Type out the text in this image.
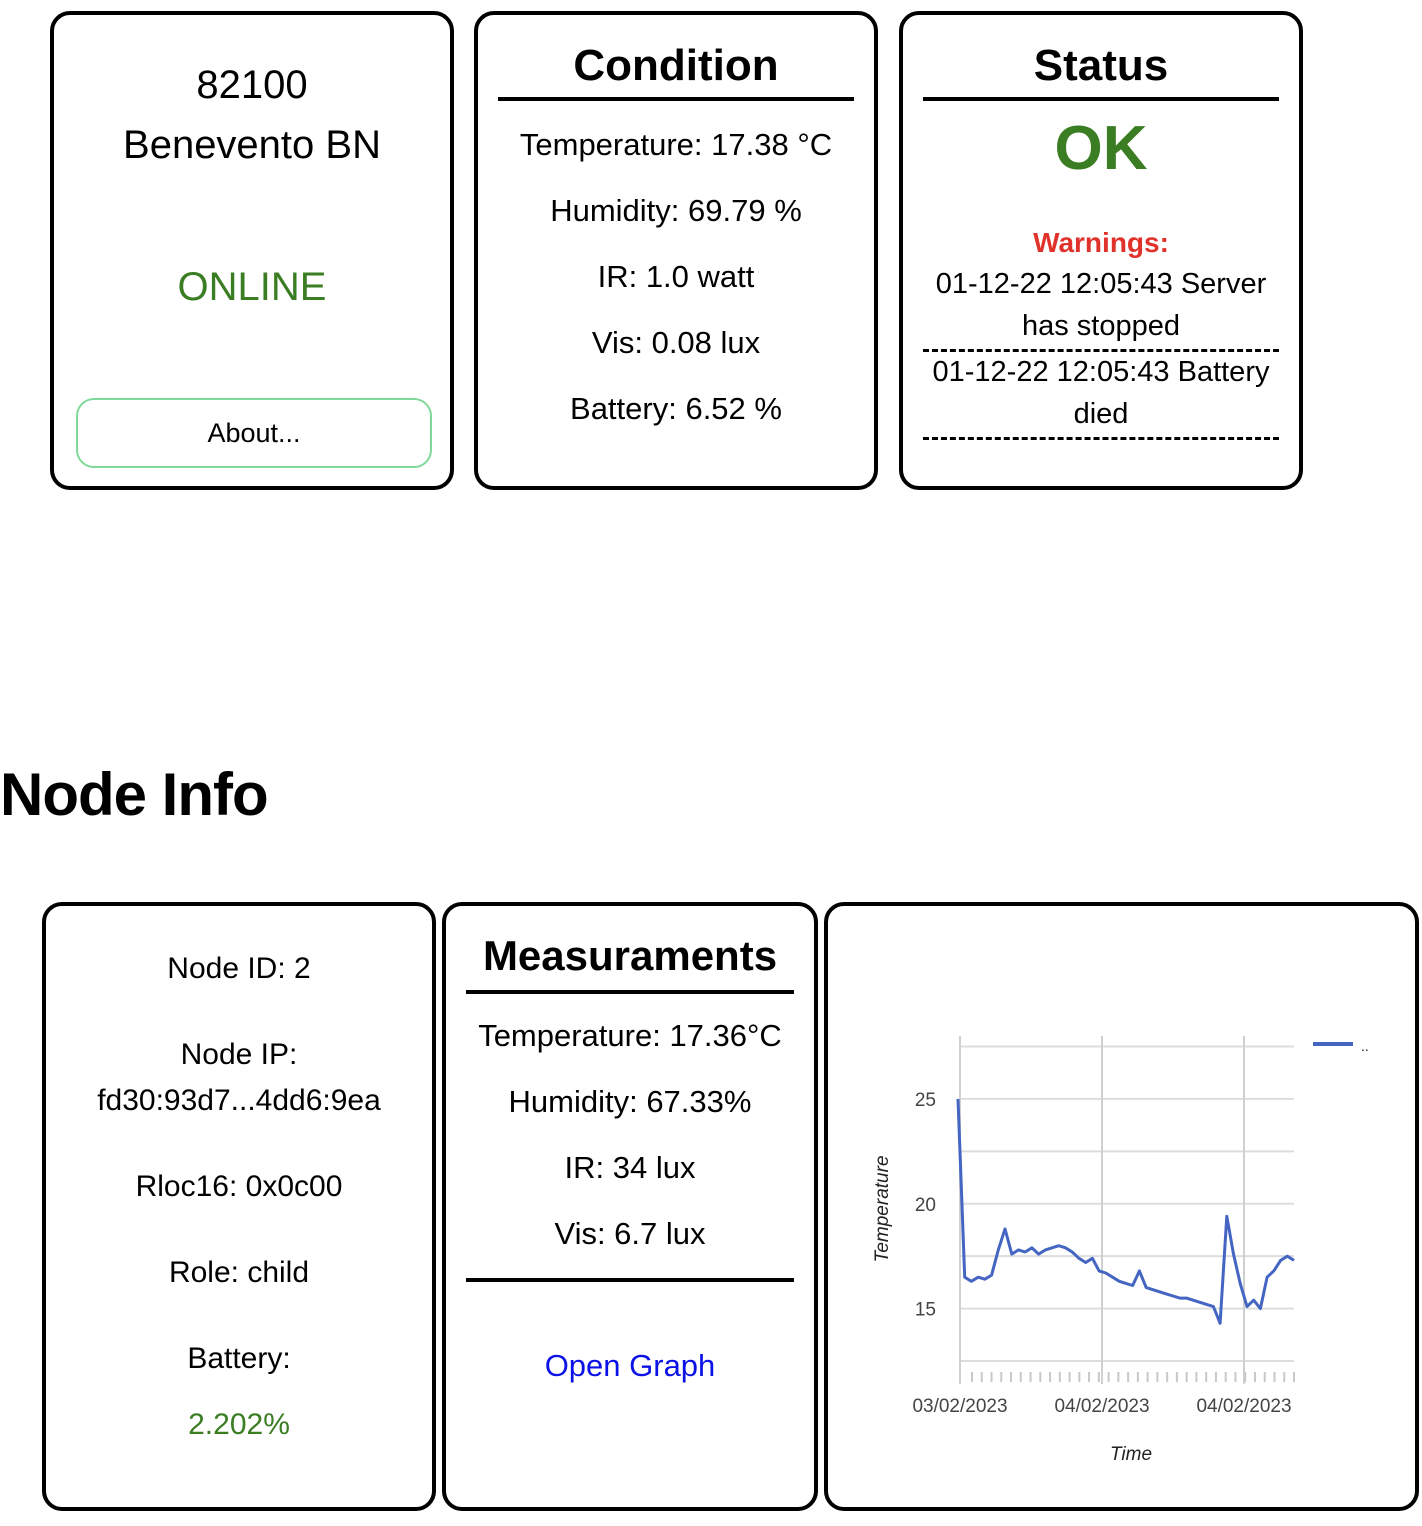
82100
Benevento BN
ONLINE
About...
Condition
Temperature: 17.38 °C
Humidity: 69.79 %
IR: 1.0 watt
Vis: 0.08 lux
Battery: 6.52 %
Status
OK
Warnings:
01-12-22 12:05:43 Server
has stopped
01-12-22 12:05:43 Battery
died
Node Info
Node ID: 2
Node IP:
fd30:93d7...4dd6:9ea
Rloc16: 0x0c00
Role: child
Battery:
2.202%
Measuraments
Temperature: 17.36°C
Humidity: 67.33%
IR: 34 lux
Vis: 6.7 lux
Open Graph
15
20
25
03/02/2023 04/02/2023 04/02/2023
Temperature
Time
..
